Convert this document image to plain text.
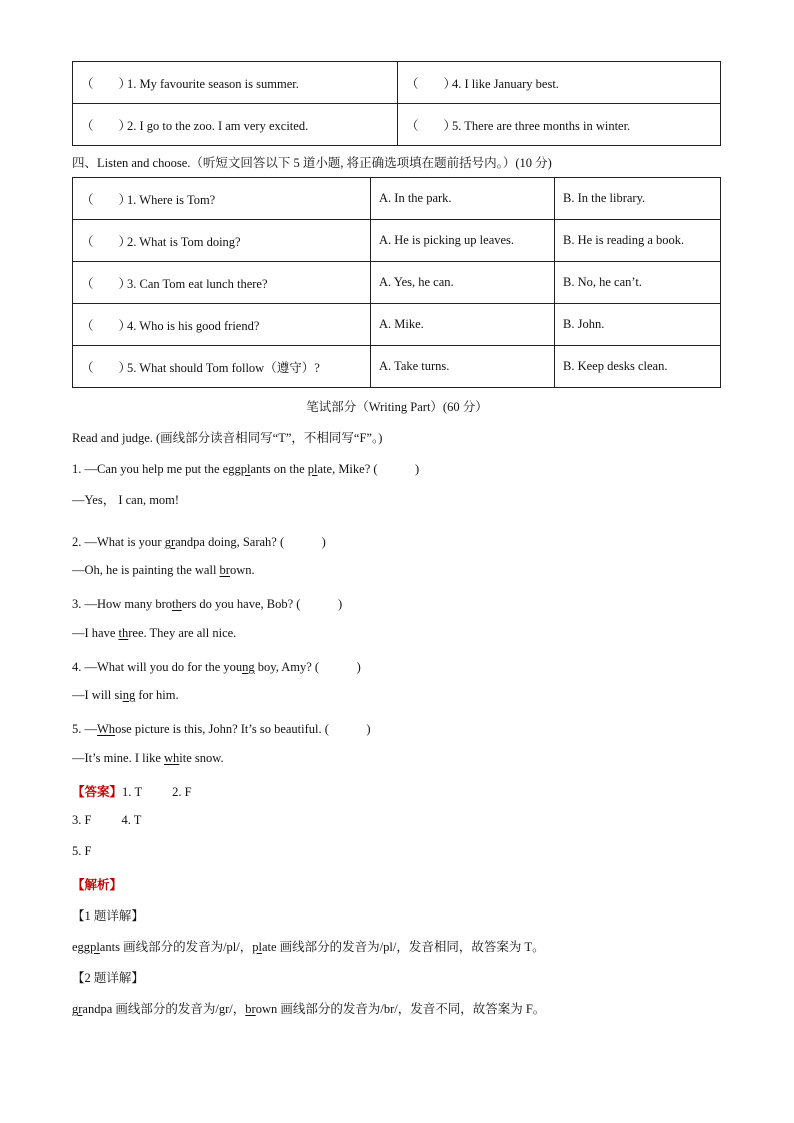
（　　）1. My favourite season is summer.	（　　）4. I like January best.
（　　）2. I go to the zoo. I am very excited.	（　　）5. There are three months in winter.
四、Listen and choose.（听短文回答以下 5 道小题, 将正确选项填在题前括号内。）(10 分)
（　　）1. Where is Tom?	A. In the park.	B. In the library.
（　　）2. What is Tom doing?	A. He is picking up leaves.	B. He is reading a book.
（　　）3. Can Tom eat lunch there?	A. Yes, he can.	B. No, he can’t.
（　　）4. Who is his good friend?	A. Mike.	B. John.
（　　）5. What should Tom follow（遵守）?	A. Take turns.	B. Keep desks clean.
笔试部分（Writing Part）(60 分）
Read and judge. (画线部分读音相同写“T”，不相同写“F”。)
1. —Can you help me put the eggplants on the plate, Mike? (　　　)
—Yes， I can, mom!
2. —What is your grandpa doing, Sarah? (　　　)
—Oh, he is painting the wall brown.
3. —How many brothers do you have, Bob? (　　　)
—I have three. They are all nice.
4. —What will you do for the young boy, Amy? (　　　)
—I will sing for him.
5. —Whose picture is this, John? It’s so beautiful. (　　　)
—It’s mine. I like white snow.
【答案】1. T 2. F
3. F 4. T
5. F
【解析】
【1 题详解】
eggplants 画线部分的发音为/pl/，plate 画线部分的发音为/pl/，发音相同，故答案为 T。
【2 题详解】
grandpa 画线部分的发音为/gr/，brown 画线部分的发音为/br/，发音不同，故答案为 F。
